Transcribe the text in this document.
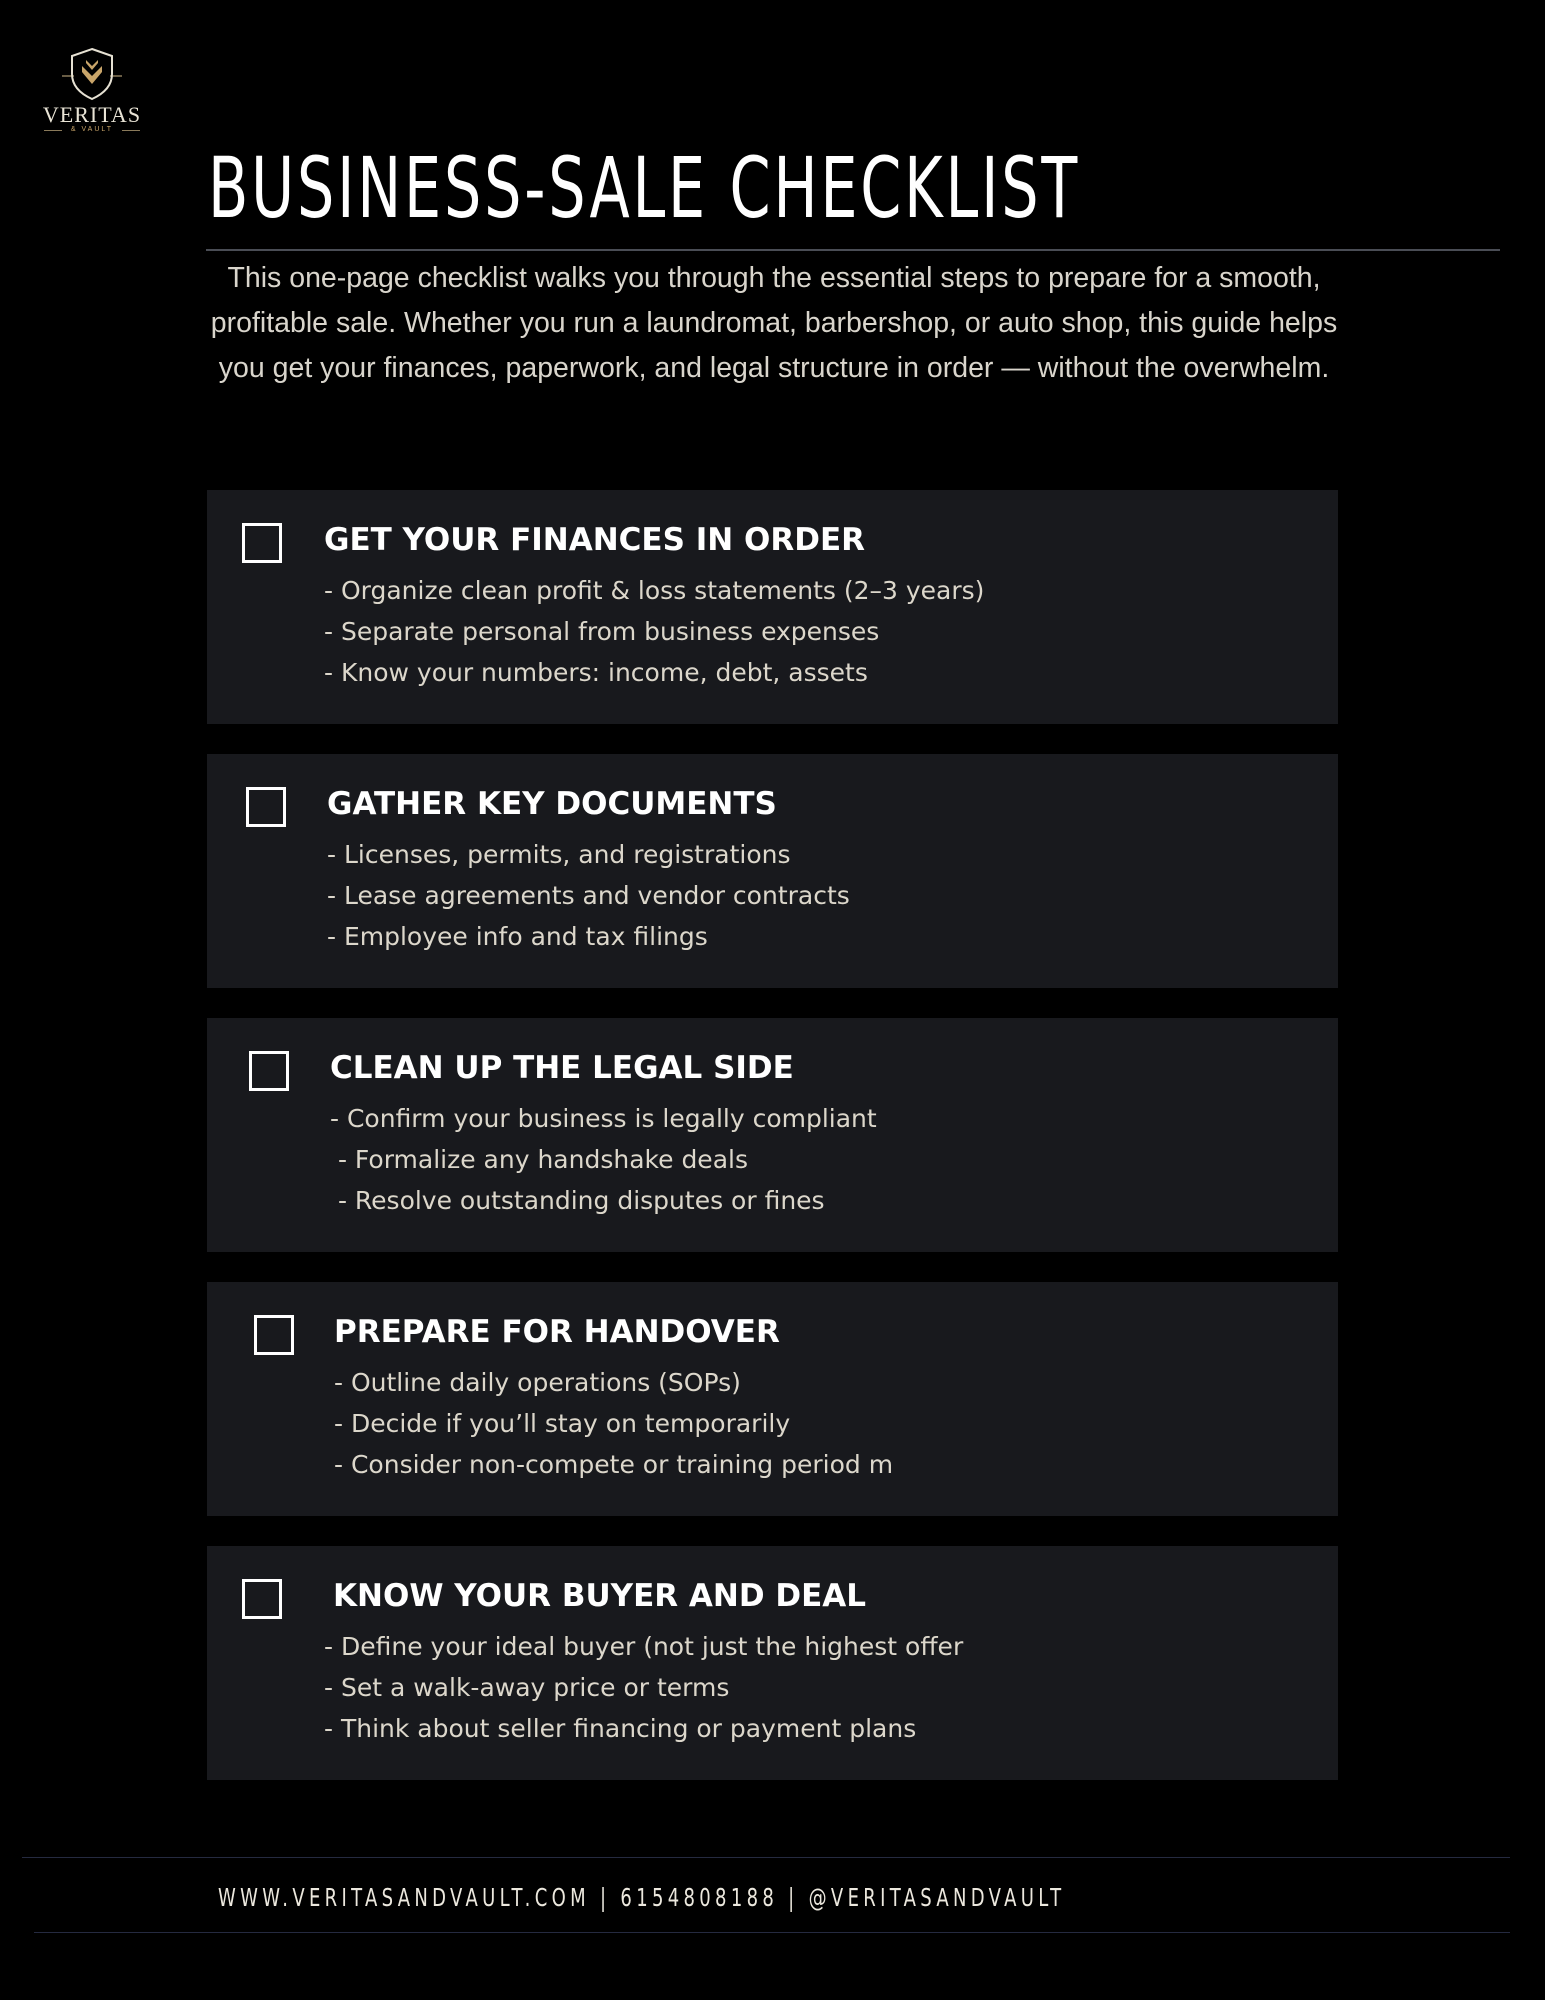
VERITAS
& VAULT
BUSINESS-SALE CHECKLIST

This one-page checklist walks you through the essential steps to prepare for a smooth, profitable sale. Whether you run a laundromat, barbershop, or auto shop, this guide helps you get your finances, paperwork, and legal structure in order — without the overwhelm.

GET YOUR FINANCES IN ORDER
- Organize clean profit & loss statements (2–3 years)
- Separate personal from business expenses
- Know your numbers: income, debt, assets
GATHER KEY DOCUMENTS
- Licenses, permits, and registrations
- Lease agreements and vendor contracts
- Employee info and tax filings
CLEAN UP THE LEGAL SIDE
- Confirm your business is legally compliant
- Formalize any handshake deals
- Resolve outstanding disputes or fines
PREPARE FOR HANDOVER
- Outline daily operations (SOPs)
- Decide if you’ll stay on temporarily
- Consider non-compete or training period m
KNOW YOUR BUYER AND DEAL
- Define your ideal buyer (not just the highest offer
- Set a walk-away price or terms
- Think about seller financing or payment plans

WWW.VERITASANDVAULT.COM | 6154808188 | @VERITASANDVAULT
